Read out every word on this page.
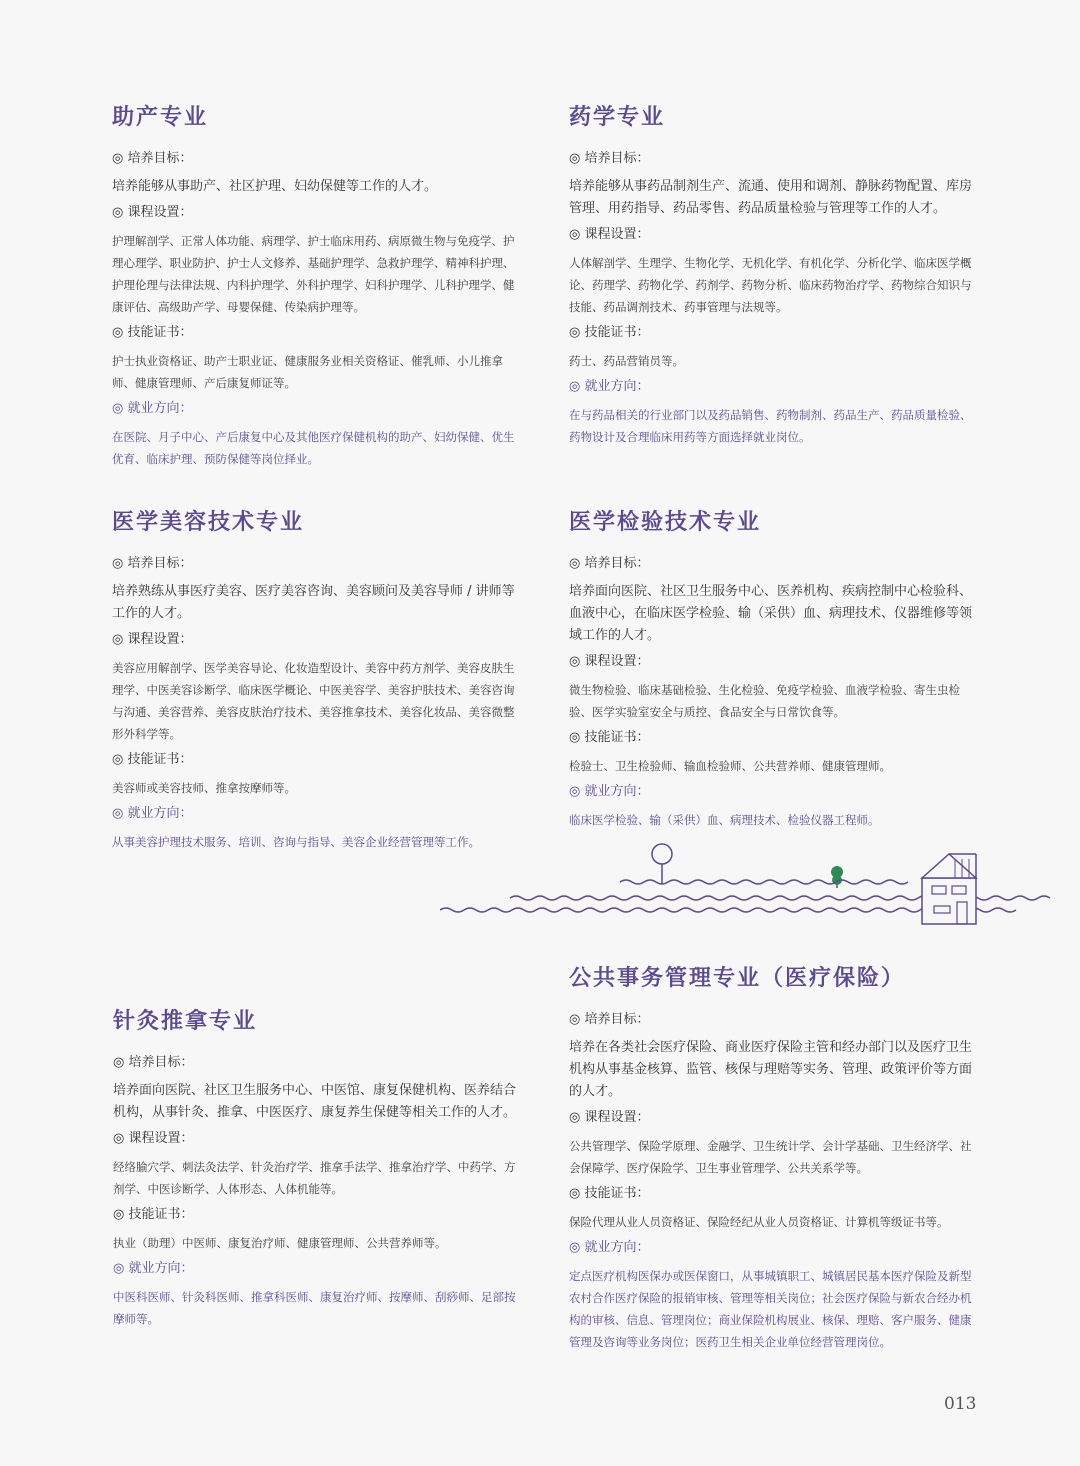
助产专业
◎ 培养目标：

培养能够从事助产、社区护理、妇幼保健等工作的人才。

◎ 课程设置：

护理解剖学、正常人体功能、病理学、护士临床用药、病原微生物与免疫学、护理心理学、职业防护、护士人文修养、基础护理学、急救护理学、精神科护理、护理伦理与法律法规、内科护理学、外科护理学、妇科护理学、儿科护理学、健康评估、高级助产学、母婴保健、传染病护理等。

◎ 技能证书：

护士执业资格证、助产士职业证、健康服务业相关资格证、催乳师、小儿推拿师、健康管理师、产后康复师证等。

◎ 就业方向：

在医院、月子中心、产后康复中心及其他医疗保健机构的助产、妇幼保健、优生优育、临床护理、预防保健等岗位择业。

药学专业
◎ 培养目标：

培养能够从事药品制剂生产、流通、使用和调剂、静脉药物配置、库房管理、用药指导、药品零售、药品质量检验与管理等工作的人才。

◎ 课程设置：

人体解剖学、生理学、生物化学、无机化学、有机化学、分析化学、临床医学概论、药理学、药物化学、药剂学、药物分析、临床药物治疗学、药物综合知识与技能、药品调剂技术、药事管理与法规等。

◎ 技能证书：

药士、药品营销员等。

◎ 就业方向：

在与药品相关的行业部门以及药品销售、药物制剂、药品生产、药品质量检验、药物设计及合理临床用药等方面选择就业岗位。

医学美容技术专业
◎ 培养目标：

培养熟练从事医疗美容、医疗美容咨询、美容顾问及美容导师 / 讲师等工作的人才。

◎ 课程设置：

美容应用解剖学、医学美容导论、化妆造型设计、美容中药方剂学、美容皮肤生理学、中医美容诊断学、临床医学概论、中医美容学、美容护肤技术、美容咨询与沟通、美容营养、美容皮肤治疗技术、美容推拿技术、美容化妆品、美容微整形外科学等。

◎ 技能证书：

美容师或美容技师、推拿按摩师等。

◎ 就业方向：

从事美容护理技术服务、培训、咨询与指导、美容企业经营管理等工作。

医学检验技术专业
◎ 培养目标：

培养面向医院、社区卫生服务中心、医养机构、疾病控制中心检验科、血液中心，在临床医学检验、输（采供）血、病理技术、仪器维修等领域工作的人才。

◎ 课程设置：

微生物检验、临床基础检验、生化检验、免疫学检验、血液学检验、寄生虫检验、医学实验室安全与质控、食品安全与日常饮食等。

◎ 技能证书：

检验士、卫生检验师、输血检验师、公共营养师、健康管理师。

◎ 就业方向：

临床医学检验、输（采供）血、病理技术、检验仪器工程师。

针灸推拿专业
◎ 培养目标：

培养面向医院、社区卫生服务中心、中医馆、康复保健机构、医养结合机构，从事针灸、推拿、中医医疗、康复养生保健等相关工作的人才。

◎ 课程设置：

经络腧穴学、刺法灸法学、针灸治疗学、推拿手法学、推拿治疗学、中药学、方剂学、中医诊断学、人体形态、人体机能等。

◎ 技能证书：

执业（助理）中医师、康复治疗师、健康管理师、公共营养师等。

◎ 就业方向：

中医科医师、针灸科医师、推拿科医师、康复治疗师、按摩师、刮痧师、足部按摩师等。

公共事务管理专业（医疗保险）
◎ 培养目标：

培养在各类社会医疗保险、商业医疗保险主管和经办部门以及医疗卫生机构从事基金核算、监管、核保与理赔等实务、管理、政策评价等方面的人才。

◎ 课程设置：

公共管理学、保险学原理、金融学、卫生统计学、会计学基础、卫生经济学、社会保障学、医疗保险学、卫生事业管理学、公共关系学等。

◎ 技能证书：

保险代理从业人员资格证、保险经纪从业人员资格证、计算机等级证书等。

◎ 就业方向：

定点医疗机构医保办或医保窗口，从事城镇职工、城镇居民基本医疗保险及新型农村合作医疗保险的报销审核、管理等相关岗位；社会医疗保险与新农合经办机构的审核、信息、管理岗位；商业保险机构展业、核保、理赔、客户服务、健康管理及咨询等业务岗位；医药卫生相关企业单位经营管理岗位。

013
